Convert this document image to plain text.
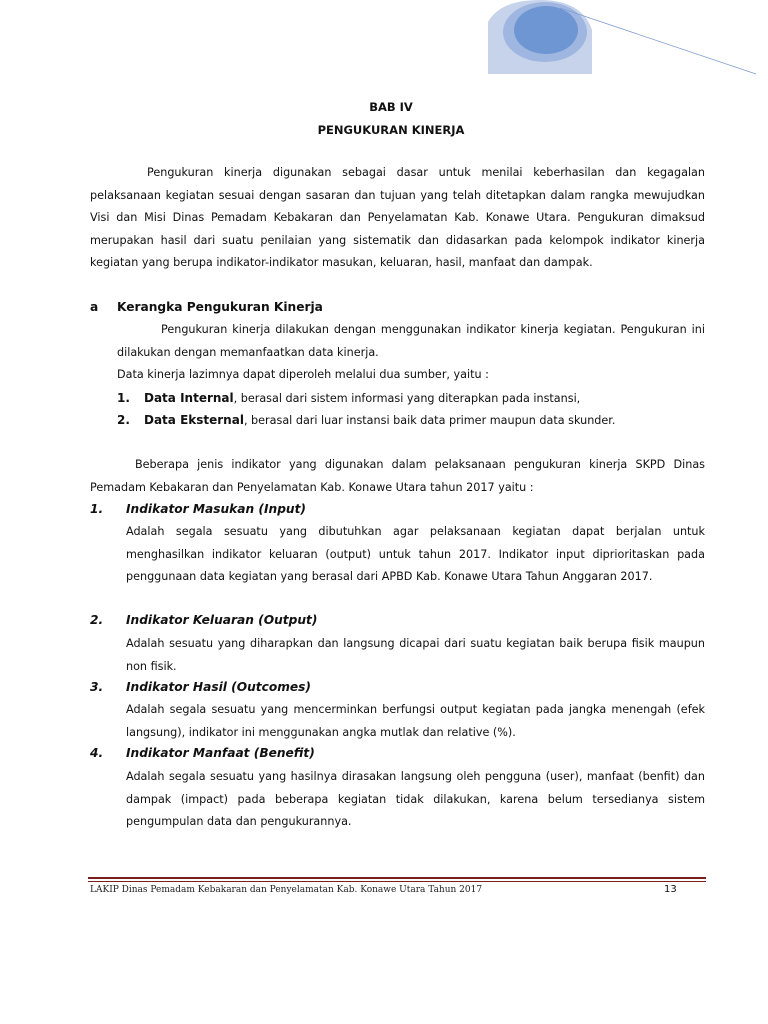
BAB IV
PENGUKURAN KINERJA

Pengukuran kinerja digunakan sebagai dasar untuk menilai keberhasilan dan kegagalan pelaksanaan kegiatan sesuai dengan sasaran dan tujuan yang telah ditetapkan dalam rangka mewujudkan Visi dan Misi Dinas Pemadam Kebakaran dan Penyelamatan Kab. Konawe Utara. Pengukuran dimaksud merupakan hasil dari suatu penilaian yang sistematik dan didasarkan pada kelompok indikator kinerja kegiatan yang berupa indikator-indikator masukan, keluaran, hasil, manfaat dan dampak.

a Kerangka Pengukuran Kinerja

Pengukuran kinerja dilakukan dengan menggunakan indikator kinerja kegiatan. Pengukuran ini dilakukan dengan memanfaatkan data kinerja.

Data kinerja lazimnya dapat diperoleh melalui dua sumber, yaitu :
1. Data Internal, berasal dari sistem informasi yang diterapkan pada instansi,
2. Data Eksternal, berasal dari luar instansi baik data primer maupun data skunder.

Beberapa jenis indikator yang digunakan dalam pelaksanaan pengukuran kinerja SKPD Dinas Pemadam Kebakaran dan Penyelamatan Kab. Konawe Utara tahun 2017 yaitu :

1. Indikator Masukan (Input)

Adalah segala sesuatu yang dibutuhkan agar pelaksanaan kegiatan dapat berjalan untuk menghasilkan indikator keluaran (output) untuk tahun 2017. Indikator input diprioritaskan pada penggunaan data kegiatan yang berasal dari APBD Kab. Konawe Utara Tahun Anggaran 2017.

2. Indikator Keluaran (Output)

Adalah sesuatu yang diharapkan dan langsung dicapai dari suatu kegiatan baik berupa fisik maupun non fisik.

3. Indikator Hasil (Outcomes)

Adalah segala sesuatu yang mencerminkan berfungsi output kegiatan pada jangka menengah (efek langsung), indikator ini menggunakan angka mutlak dan relative (%).

4. Indikator Manfaat (Benefit)

Adalah segala sesuatu yang hasilnya dirasakan langsung oleh pengguna (user), manfaat (benfit) dan dampak (impact) pada beberapa kegiatan tidak dilakukan, karena belum tersedianya sistem pengumpulan data dan pengukurannya.

LAKIP Dinas Pemadam Kebakaran dan Penyelamatan Kab. Konawe Utara Tahun 2017	13
